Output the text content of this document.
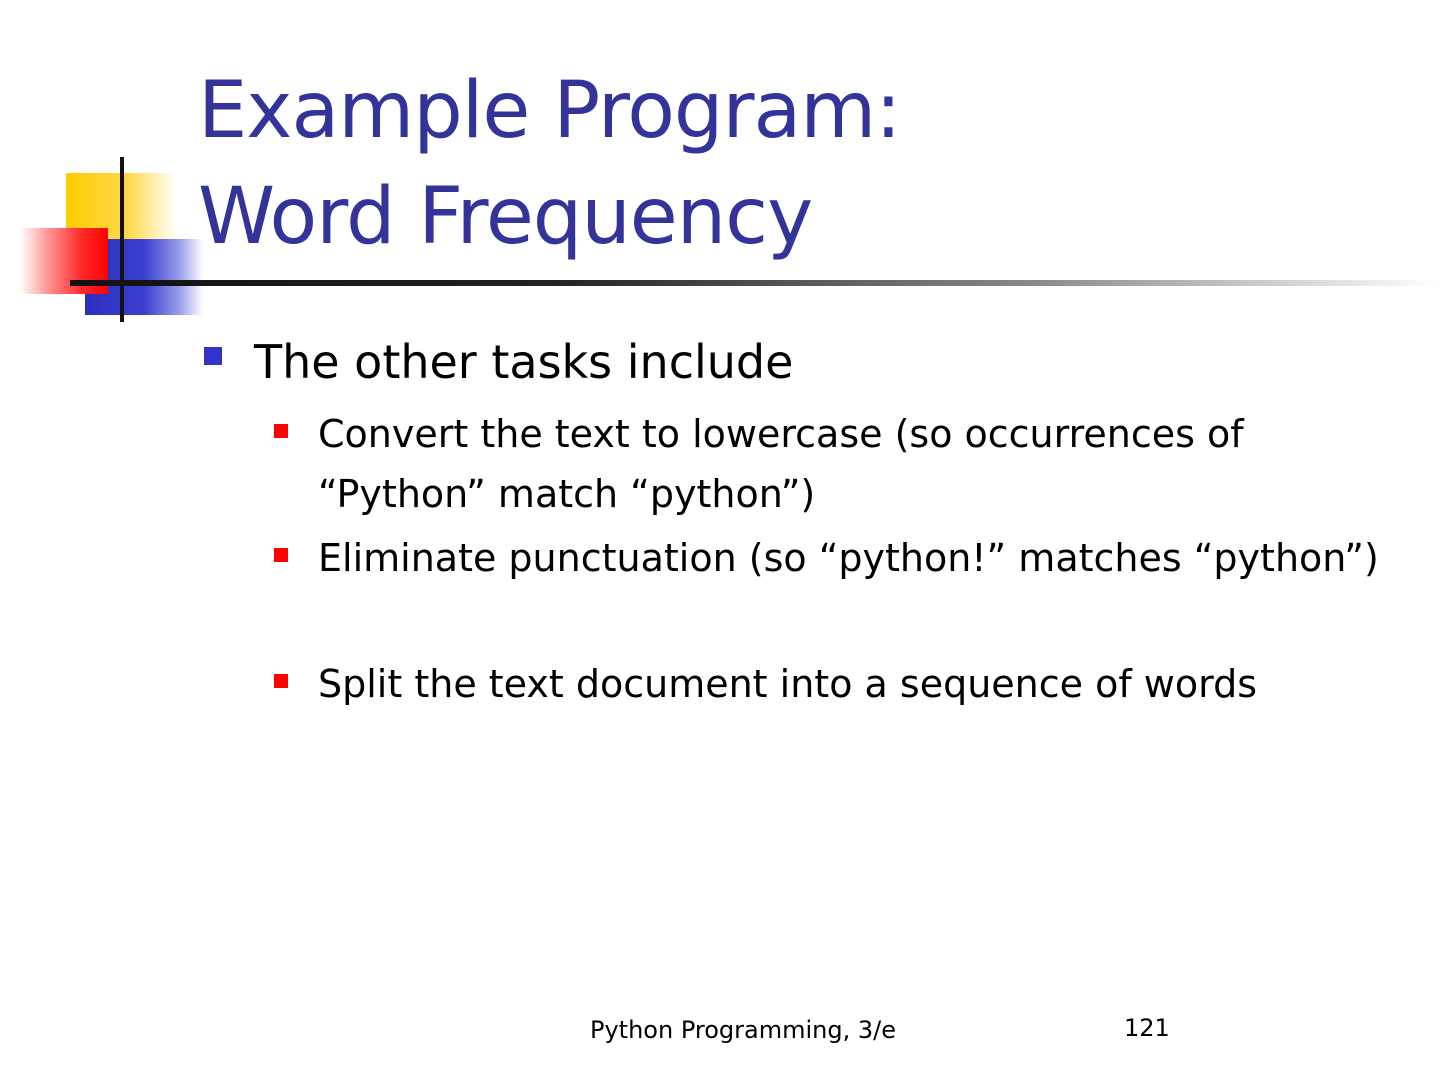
Example Program:
Word Frequency
The other tasks include
Convert the text to lowercase (so occurrences of “Python” match “python”)
Eliminate punctuation (so “python!” matches “python”)
Split the text document into a sequence of words
Python Programming, 3/e	121
